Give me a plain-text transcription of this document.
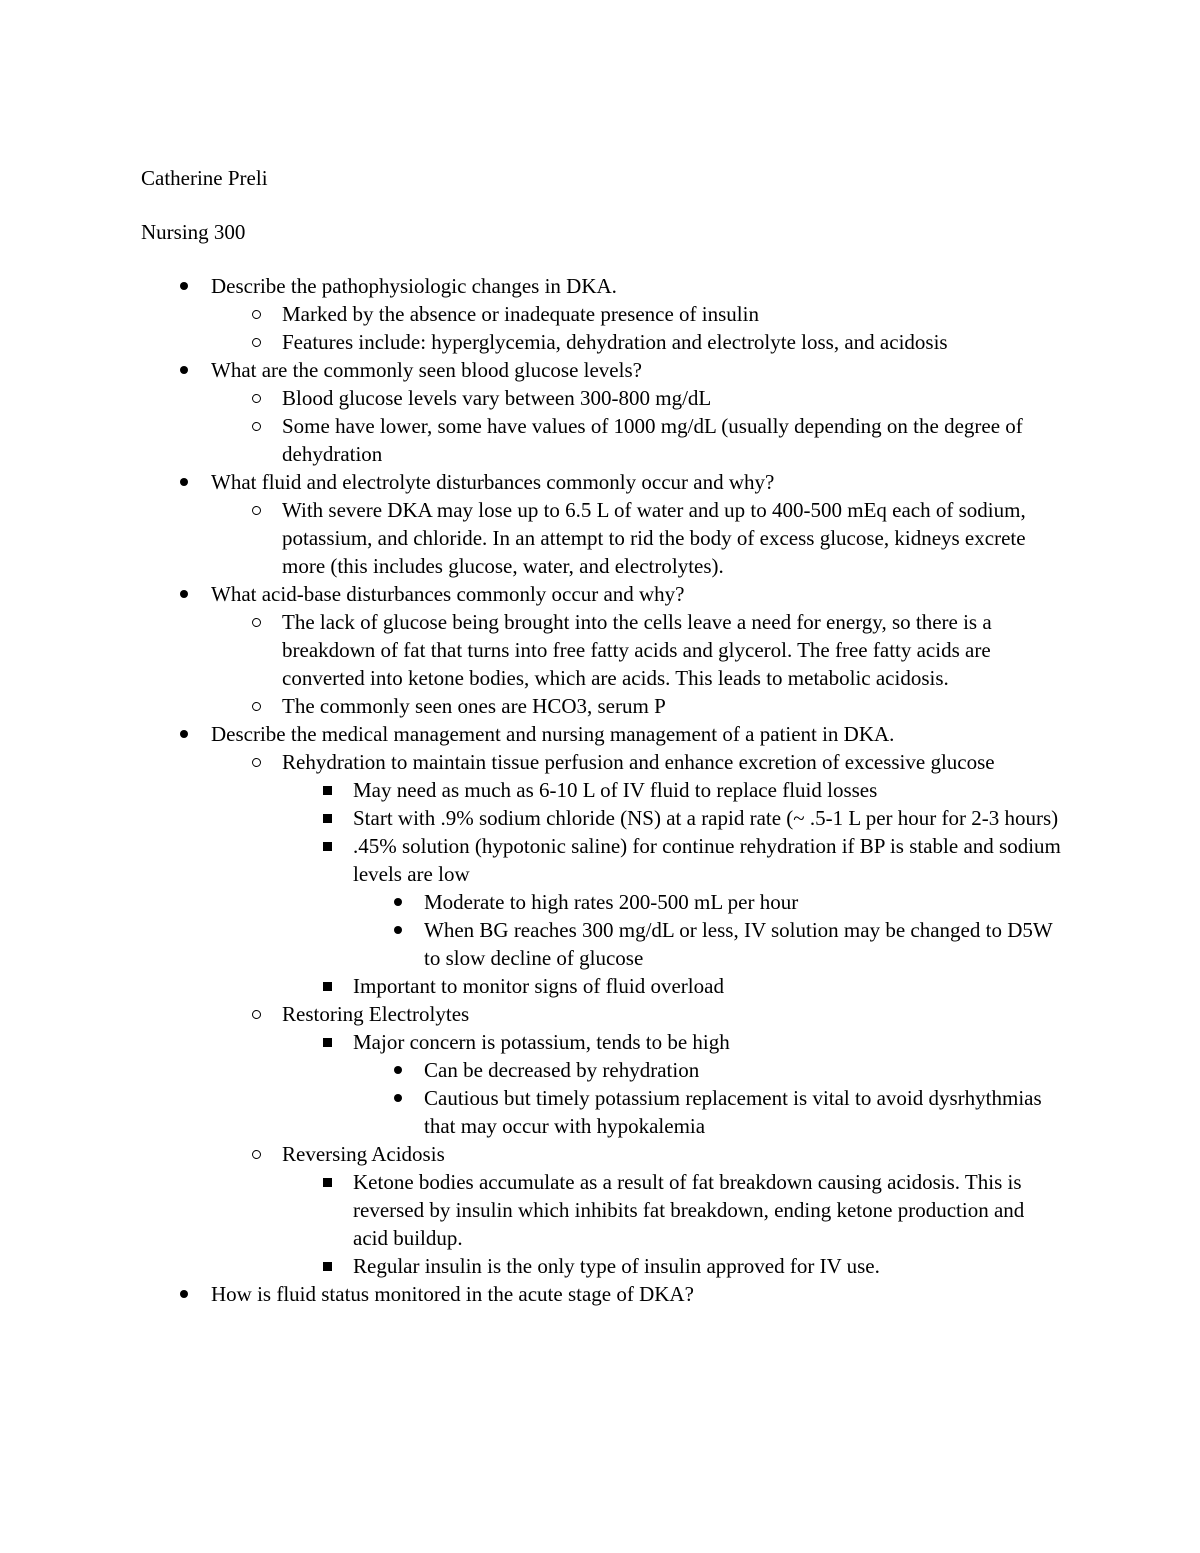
Catherine Preli

Nursing 300

Describe the pathophysiologic changes in DKA.
Marked by the absence or inadequate presence of insulin
Features include: hyperglycemia, dehydration and electrolyte loss, and acidosis
What are the commonly seen blood glucose levels?
Blood glucose levels vary between 300-800 mg/dL
Some have lower, some have values of 1000 mg/dL (usually depending on the degree of dehydration
What fluid and electrolyte disturbances commonly occur and why?
With severe DKA may lose up to 6.5 L of water and up to 400-500 mEq each of sodium, potassium, and chloride. In an attempt to rid the body of excess glucose, kidneys excrete more (this includes glucose, water, and electrolytes).
What acid-base disturbances commonly occur and why?
The lack of glucose being brought into the cells leave a need for energy, so there is a breakdown of fat that turns into free fatty acids and glycerol. The free fatty acids are converted into ketone bodies, which are acids. This leads to metabolic acidosis.
The commonly seen ones are HCO3, serum P
Describe the medical management and nursing management of a patient in DKA.
Rehydration to maintain tissue perfusion and enhance excretion of excessive glucose
May need as much as 6-10 L of IV fluid to replace fluid losses
Start with .9% sodium chloride (NS) at a rapid rate (~ .5-1 L per hour for 2-3 hours)
.45% solution (hypotonic saline) for continue rehydration if BP is stable and sodium levels are low
Moderate to high rates 200-500 mL per hour
When BG reaches 300 mg/dL or less, IV solution may be changed to D5W to slow decline of glucose
Important to monitor signs of fluid overload
Restoring Electrolytes
Major concern is potassium, tends to be high
Can be decreased by rehydration
Cautious but timely potassium replacement is vital to avoid dysrhythmias that may occur with hypokalemia
Reversing Acidosis
Ketone bodies accumulate as a result of fat breakdown causing acidosis. This is reversed by insulin which inhibits fat breakdown, ending ketone production and acid buildup.
Regular insulin is the only type of insulin approved for IV use.
How is fluid status monitored in the acute stage of DKA?
